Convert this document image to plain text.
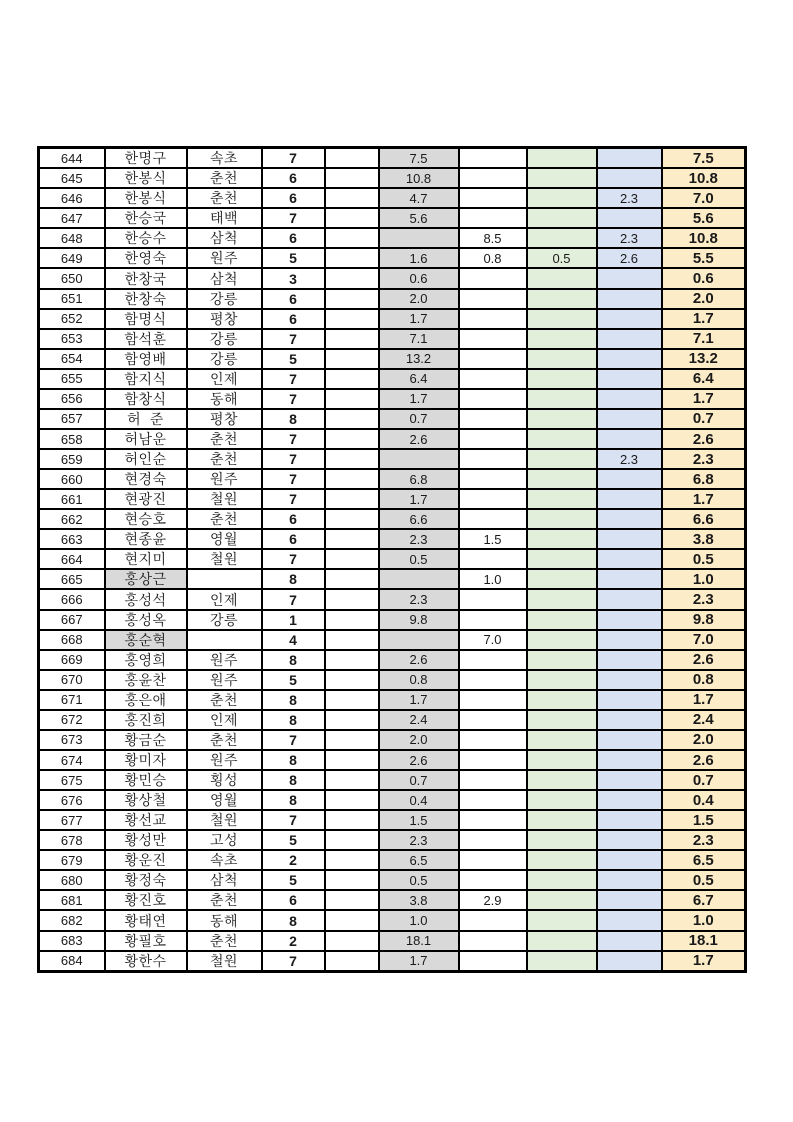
644	한명구	속초	7		7.5				7.5
645	한봉식	춘천	6		10.8				10.8
646	한봉식	춘천	6		4.7			2.3	7.0
647	한승국	태백	7		5.6				5.6
648	한승수	삼척	6			8.5		2.3	10.8
649	한영숙	원주	5		1.6	0.8	0.5	2.6	5.5
650	한창국	삼척	3		0.6				0.6
651	한창숙	강릉	6		2.0				2.0
652	함명식	평창	6		1.7				1.7
653	함석훈	강릉	7		7.1				7.1
654	함영배	강릉	5		13.2				13.2
655	함지식	인제	7		6.4				6.4
656	함창식	동해	7		1.7				1.7
657	허  준	평창	8		0.7				0.7
658	허남운	춘천	7		2.6				2.6
659	허인순	춘천	7					2.3	2.3
660	현경숙	원주	7		6.8				6.8
661	현광진	철원	7		1.7				1.7
662	현승호	춘천	6		6.6				6.6
663	현종윤	영월	6		2.3	1.5			3.8
664	현지미	철원	7		0.5				0.5
665	홍상근		8			1.0			1.0
666	홍성석	인제	7		2.3				2.3
667	홍성옥	강릉	1		9.8				9.8
668	홍순혁		4			7.0			7.0
669	홍영희	원주	8		2.6				2.6
670	홍윤찬	원주	5		0.8				0.8
671	홍은애	춘천	8		1.7				1.7
672	홍진희	인제	8		2.4				2.4
673	황금순	춘천	7		2.0				2.0
674	황미자	원주	8		2.6				2.6
675	황민승	횡성	8		0.7				0.7
676	황상철	영월	8		0.4				0.4
677	황선교	철원	7		1.5				1.5
678	황성만	고성	5		2.3				2.3
679	황운진	속초	2		6.5				6.5
680	황정숙	삼척	5		0.5				0.5
681	황진호	춘천	6		3.8	2.9			6.7
682	황태연	동해	8		1.0				1.0
683	황필호	춘천	2		18.1				18.1
684	황한수	철원	7		1.7				1.7
